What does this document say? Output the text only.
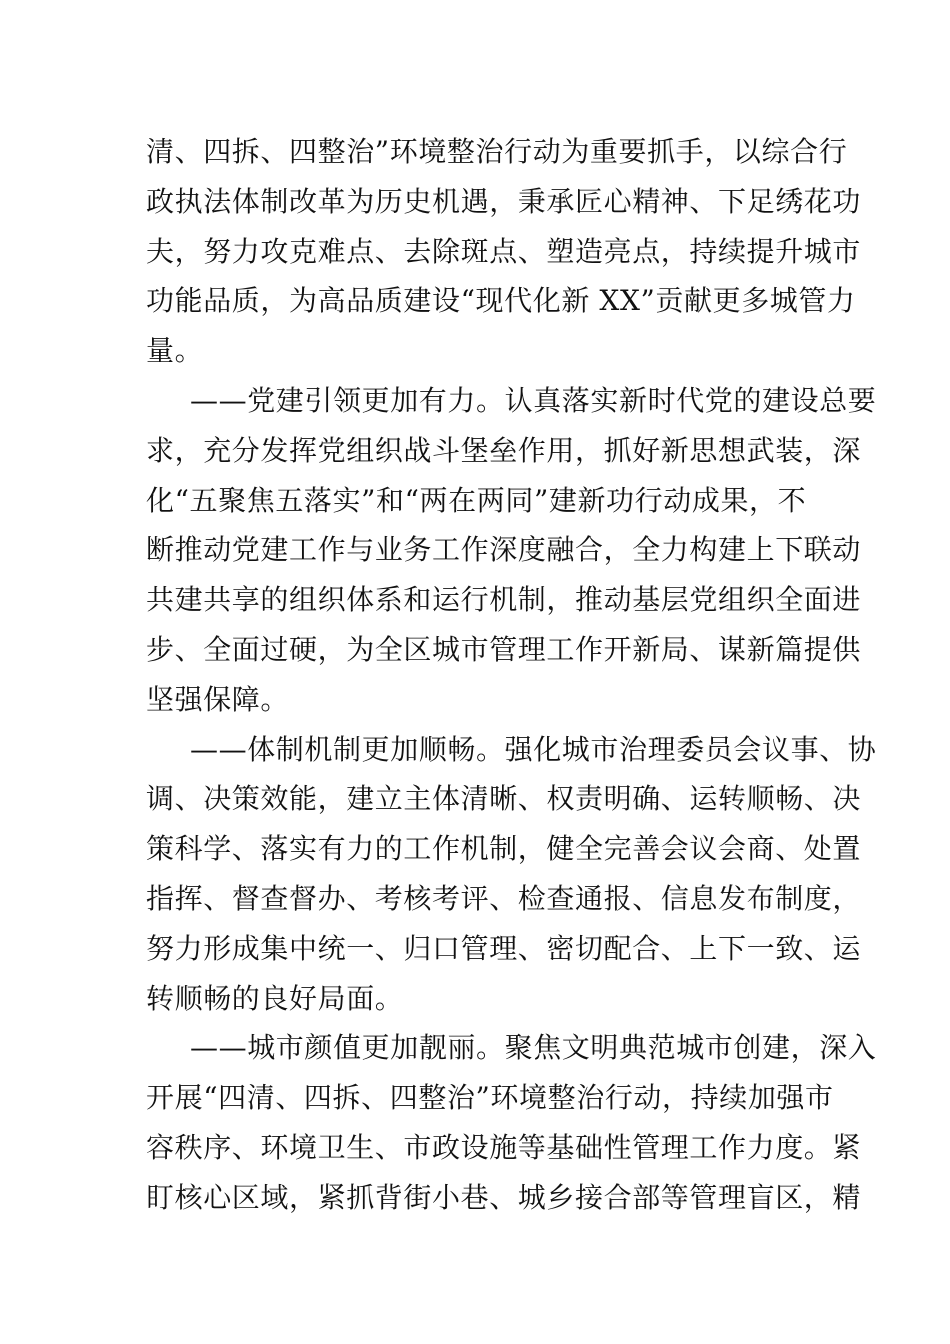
清、四拆、四整治”环境整治行动为重要抓手，以综合行
政执法体制改革为历史机遇，秉承匠心精神、下足绣花功
夫，努力攻克难点、去除斑点、塑造亮点，持续提升城市
功能品质，为高品质建设“现代化新 XX”贡献更多城管力
量。
——党建引领更加有力。认真落实新时代党的建设总要
求，充分发挥党组织战斗堡垒作用，抓好新思想武装，深
化“五聚焦五落实”和“两在两同”建新功行动成果，不
断推动党建工作与业务工作深度融合，全力构建上下联动
共建共享的组织体系和运行机制，推动基层党组织全面进
步、全面过硬，为全区城市管理工作开新局、谋新篇提供
坚强保障。
——体制机制更加顺畅。强化城市治理委员会议事、协
调、决策效能，建立主体清晰、权责明确、运转顺畅、决
策科学、落实有力的工作机制，健全完善会议会商、处置
指挥、督查督办、考核考评、检查通报、信息发布制度，
努力形成集中统一、归口管理、密切配合、上下一致、运
转顺畅的良好局面。
——城市颜值更加靓丽。聚焦文明典范城市创建，深入
开展“四清、四拆、四整治”环境整治行动，持续加强市
容秩序、环境卫生、市政设施等基础性管理工作力度。紧
盯核心区域，紧抓背街小巷、城乡接合部等管理盲区，精
